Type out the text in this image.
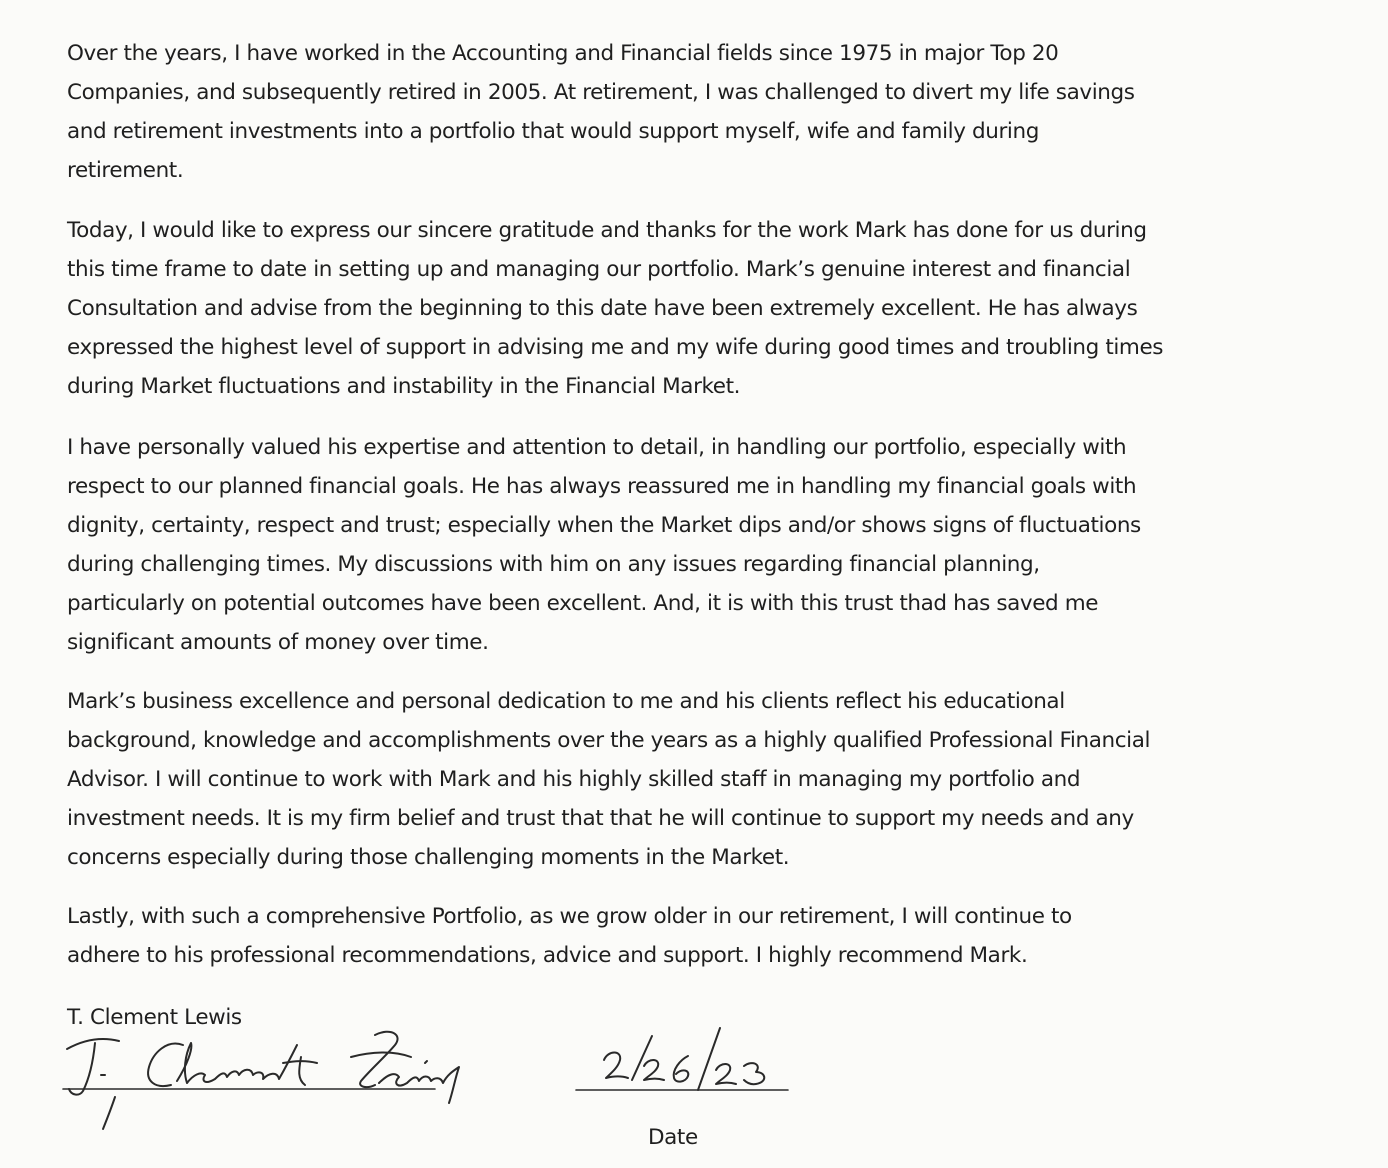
Over the years, I have worked in the Accounting and Financial fields since 1975 in major Top 20
Companies, and subsequently retired in 2005. At retirement, I was challenged to divert my life savings
and retirement investments into a portfolio that would support myself, wife and family during
retirement.
Today, I would like to express our sincere gratitude and thanks for the work Mark has done for us during
this time frame to date in setting up and managing our portfolio. Mark’s genuine interest and financial
Consultation and advise from the beginning to this date have been extremely excellent. He has always
expressed the highest level of support in advising me and my wife during good times and troubling times
during Market fluctuations and instability in the Financial Market.
I have personally valued his expertise and attention to detail, in handling our portfolio, especially with
respect to our planned financial goals. He has always reassured me in handling my financial goals with
dignity, certainty, respect and trust; especially when the Market dips and/or shows signs of fluctuations
during challenging times. My discussions with him on any issues regarding financial planning,
particularly on potential outcomes have been excellent. And, it is with this trust thad has saved me
significant amounts of money over time.
Mark’s business excellence and personal dedication to me and his clients reflect his educational
background, knowledge and accomplishments over the years as a highly qualified Professional Financial
Advisor. I will continue to work with Mark and his highly skilled staff in managing my portfolio and
investment needs. It is my firm belief and trust that that he will continue to support my needs and any
concerns especially during those challenging moments in the Market.
Lastly, with such a comprehensive Portfolio, as we grow older in our retirement, I will continue to
adhere to his professional recommendations, advice and support. I highly recommend Mark.
T. Clement Lewis
Date
